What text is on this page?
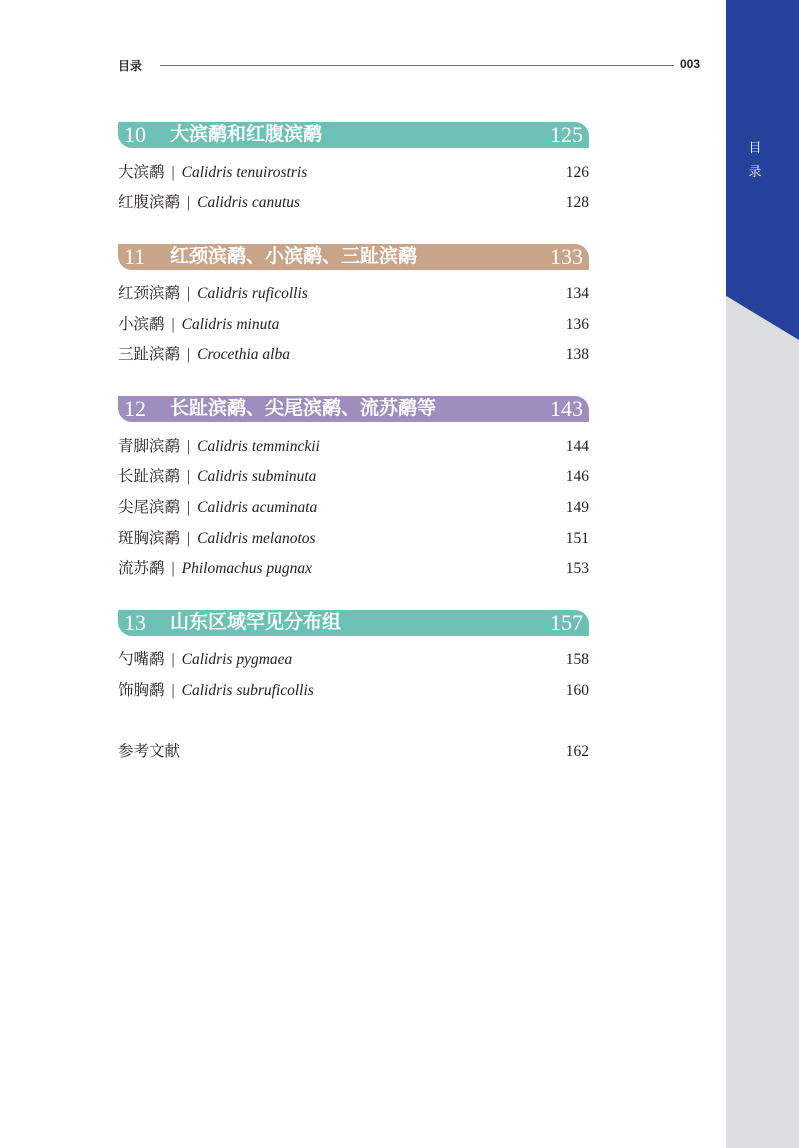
目
录
目录	003
10 大滨鹬和红腹滨鹬	125
大滨鹬 | Calidris tenuirostris	126
红腹滨鹬 | Calidris canutus	128
11 红颈滨鹬、小滨鹬、三趾滨鹬	133
红颈滨鹬 | Calidris ruficollis	134
小滨鹬 | Calidris minuta	136
三趾滨鹬 | Crocethia alba	138
12 长趾滨鹬、尖尾滨鹬、流苏鹬等	143
青脚滨鹬 | Calidris temminckii	144
长趾滨鹬 | Calidris subminuta	146
尖尾滨鹬 | Calidris acuminata	149
斑胸滨鹬 | Calidris melanotos	151
流苏鹬 | Philomachus pugnax	153
13 山东区域罕见分布组	157
勺嘴鹬 | Calidris pygmaea	158
饰胸鹬 | Calidris subruficollis	160
参考文献	162
